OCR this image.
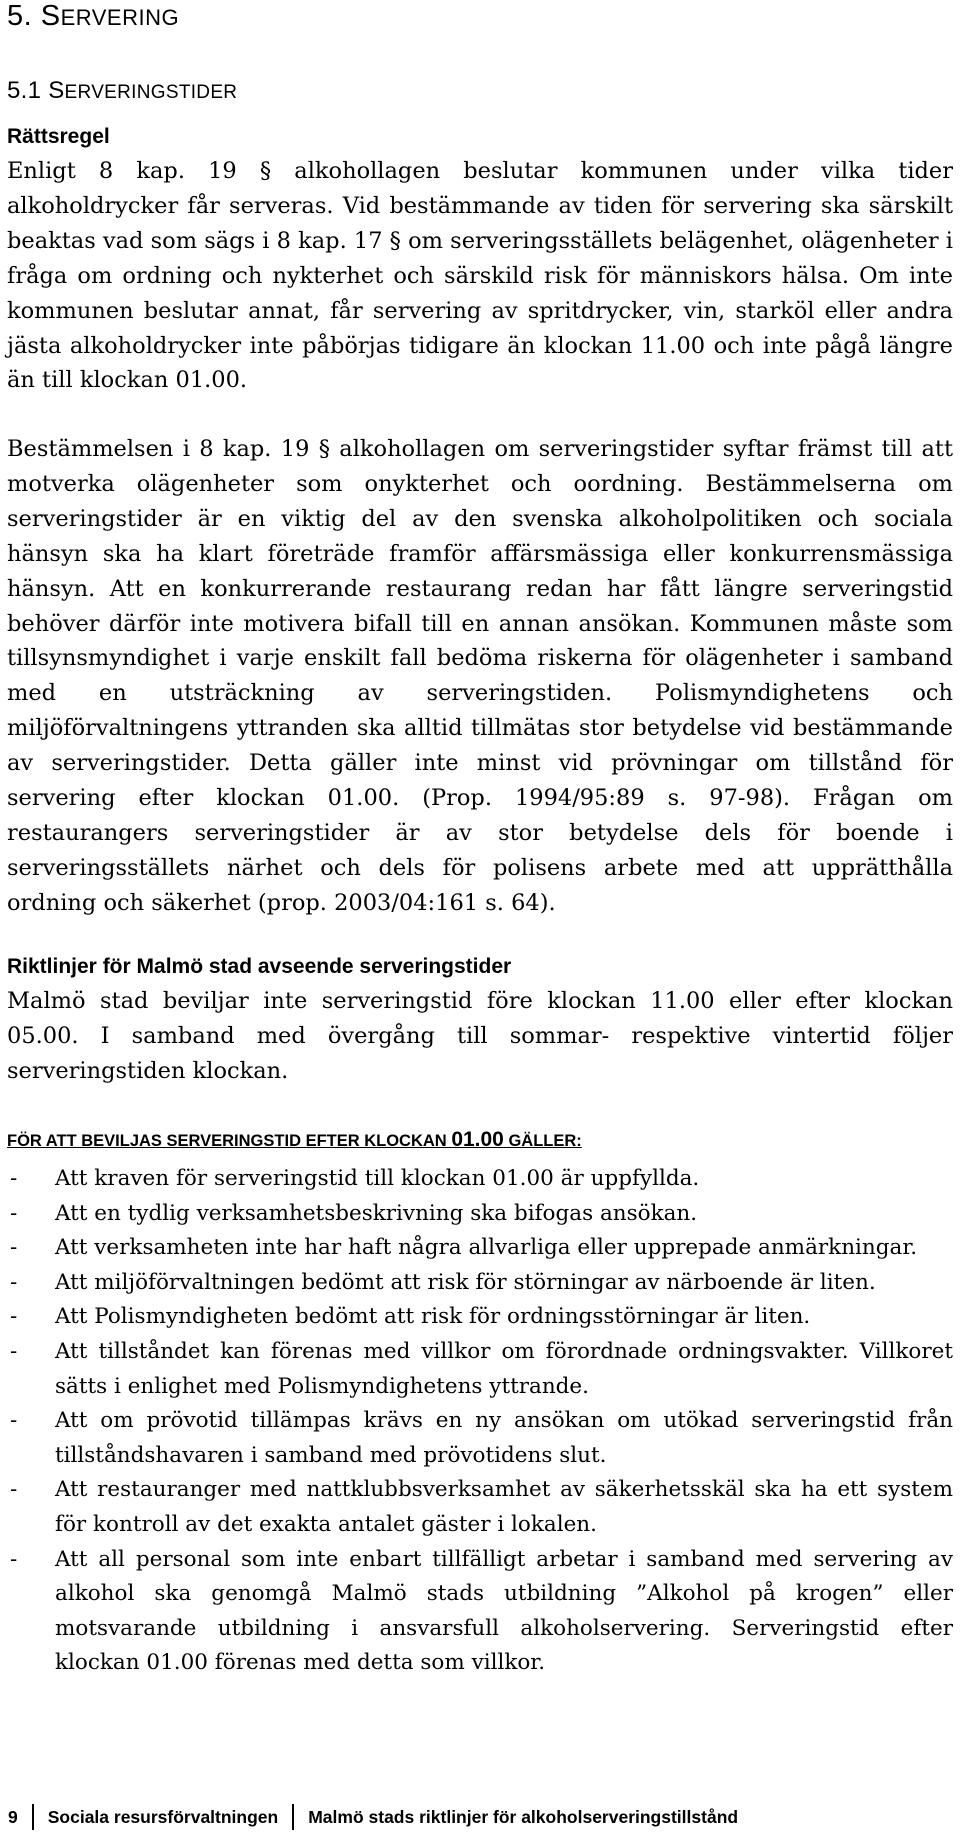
5. SERVERING
5.1 SERVERINGSTIDER
Rättsregel

Enligt 8 kap. 19 § alkohollagen beslutar kommunen under vilka tider alkoholdrycker får serveras. Vid bestämmande av tiden för servering ska särskilt beaktas vad som sägs i 8 kap. 17 § om serveringsställets belägenhet, olägenheter i fråga om ordning och nykterhet och särskild risk för människors hälsa. Om inte kommunen beslutar annat, får servering av spritdrycker, vin, starköl eller andra jästa alkoholdrycker inte påbörjas tidigare än klockan 11.00 och inte pågå längre än till klockan 01.00.

Bestämmelsen i 8 kap. 19 § alkohollagen om serveringstider syftar främst till att motverka olägenheter som onykterhet och oordning. Bestämmelserna om serveringstider är en viktig del av den svenska alkoholpolitiken och sociala hänsyn ska ha klart företräde framför affärsmässiga eller konkurrensmässiga hänsyn. Att en konkurrerande restaurang redan har fått längre serveringstid behöver därför inte motivera bifall till en annan ansökan. Kommunen måste som tillsynsmyndighet i varje enskilt fall bedöma riskerna för olägenheter i samband med en utsträckning av serveringstiden. Polismyndighetens och miljöförvaltningens yttranden ska alltid tillmätas stor betydelse vid bestämmande av serveringstider. Detta gäller inte minst vid prövningar om tillstånd för servering efter klockan 01.00. (Prop. 1994/95:89 s. 97-98). Frågan om restaurangers serveringstider är av stor betydelse dels för boende i serveringsställets närhet och dels för polisens arbete med att upprätthålla ordning och säkerhet (prop. 2003/04:161 s. 64).

Riktlinjer för Malmö stad avseende serveringstider

Malmö stad beviljar inte serveringstid före klockan 11.00 eller efter klockan 05.00. I samband med övergång till sommar- respektive vintertid följer serveringstiden klockan.

FÖR ATT BEVILJAS SERVERINGSTID EFTER KLOCKAN 01.00 GÄLLER:
- Att kraven för serveringstid till klockan 01.00 är uppfyllda.
- Att en tydlig verksamhetsbeskrivning ska bifogas ansökan.
- Att verksamheten inte har haft några allvarliga eller upprepade anmärkningar.
- Att miljöförvaltningen bedömt att risk för störningar av närboende är liten.
- Att Polismyndigheten bedömt att risk för ordningsstörningar är liten.
- Att tillståndet kan förenas med villkor om förordnade ordningsvakter. Villkoret sätts i enlighet med Polismyndighetens yttrande.
- Att om prövotid tillämpas krävs en ny ansökan om utökad serveringstid från tillståndshavaren i samband med prövotidens slut.
- Att restauranger med nattklubbsverksamhet av säkerhetsskäl ska ha ett system för kontroll av det exakta antalet gäster i lokalen.
- Att all personal som inte enbart tillfälligt arbetar i samband med servering av alkohol ska genomgå Malmö stads utbildning ”Alkohol på krogen” eller motsvarande utbildning i ansvarsfull alkoholservering. Serveringstid efter klockan 01.00 förenas med detta som villkor.
9 Sociala resursförvaltningen Malmö stads riktlinjer för alkoholserveringstillstånd
